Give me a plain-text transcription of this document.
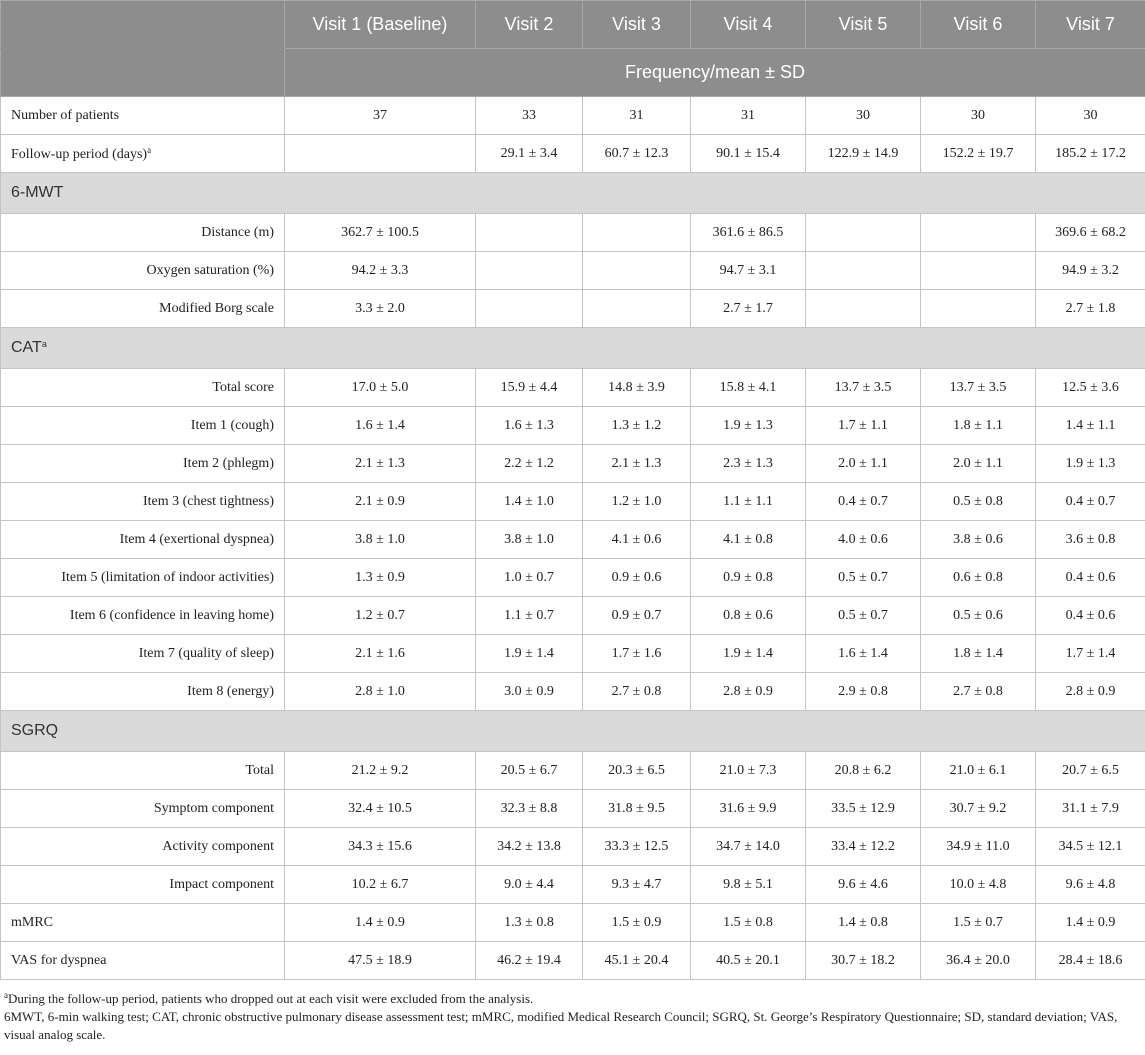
	Visit 1 (Baseline)	Visit 2	Visit 3	Visit 4	Visit 5	Visit 6	Visit 7
	Frequency/mean ± SD						
Number of patients	37	33	31	31	30	30	30
Follow-up period (days)$^a$		29.1 ± 3.4	60.7 ± 12.3	90.1 ± 15.4	122.9 ± 14.9	152.2 ± 19.7	185.2 ± 17.2
6-MWT							
Distance (m)	362.7 ± 100.5			361.6 ± 86.5			369.6 ± 68.2
Oxygen saturation (%)	94.2 ± 3.3			94.7 ± 3.1			94.9 ± 3.2
Modified Borg scale	3.3 ± 2.0			2.7 ± 1.7			2.7 ± 1.8
CAT$^a$
Total score	17.0 ± 5.0	15.9 ± 4.4	14.8 ± 3.9	15.8 ± 4.1	13.7 ± 3.5	13.7 ± 3.5	12.5 ± 3.6
Item 1 (cough)	1.6 ± 1.4	1.6 ± 1.3	1.3 ± 1.2	1.9 ± 1.3	1.7 ± 1.1	1.8 ± 1.1	1.4 ± 1.1
Item 2 (phlegm)	2.1 ± 1.3	2.2 ± 1.2	2.1 ± 1.3	2.3 ± 1.3	2.0 ± 1.1	2.0 ± 1.1	1.9 ± 1.3
Item 3 (chest tightness)	2.1 ± 0.9	1.4 ± 1.0	1.2 ± 1.0	1.1 ± 1.1	0.4 ± 0.7	0.5 ± 0.8	0.4 ± 0.7
Item 4 (exertional dyspnea)	3.8 ± 1.0	3.8 ± 1.0	4.1 ± 0.6	4.1 ± 0.8	4.0 ± 0.6	3.8 ± 0.6	3.6 ± 0.8
Item 5 (limitation of indoor activities)	1.3 ± 0.9	1.0 ± 0.7	0.9 ± 0.6	0.9 ± 0.8	0.5 ± 0.7	0.6 ± 0.8	0.4 ± 0.6
Item 6 (confidence in leaving home)	1.2 ± 0.7	1.1 ± 0.7	0.9 ± 0.7	0.8 ± 0.6	0.5 ± 0.7	0.5 ± 0.6	0.4 ± 0.6
Item 7 (quality of sleep)	2.1 ± 1.6	1.9 ± 1.4	1.7 ± 1.6	1.9 ± 1.4	1.6 ± 1.4	1.8 ± 1.4	1.7 ± 1.4
Item 8 (energy)	2.8 ± 1.0	3.0 ± 0.9	2.7 ± 0.8	2.8 ± 0.9	2.9 ± 0.8	2.7 ± 0.8	2.8 ± 0.9
SGRQ							
Total	21.2 ± 9.2	20.5 ± 6.7	20.3 ± 6.5	21.0 ± 7.3	20.8 ± 6.2	21.0 ± 6.1	20.7 ± 6.5
Symptom component	32.4 ± 10.5	32.3 ± 8.8	31.8 ± 9.5	31.6 ± 9.9	33.5 ± 12.9	30.7 ± 9.2	31.1 ± 7.9
Activity component	34.3 ± 15.6	34.2 ± 13.8	33.3 ± 12.5	34.7 ± 14.0	33.4 ± 12.2	34.9 ± 11.0	34.5 ± 12.1
Impact component	10.2 ± 6.7	9.0 ± 4.4	9.3 ± 4.7	9.8 ± 5.1	9.6 ± 4.6	10.0 ± 4.8	9.6 ± 4.8
mMRC	1.4 ± 0.9	1.3 ± 0.8	1.5 ± 0.9	1.5 ± 0.8	1.4 ± 0.8	1.5 ± 0.7	1.4 ± 0.9
VAS for dyspnea	47.5 ± 18.9	46.2 ± 19.4	45.1 ± 20.4	40.5 ± 20.1	30.7 ± 18.2	36.4 ± 20.0	28.4 ± 18.6

$^a$During the follow-up period, patients who dropped out at each visit were excluded from the analysis.

6MWT, 6-min walking test; CAT, chronic obstructive pulmonary disease assessment test; mMRC, modified Medical Research Council; SGRQ, St. George’s Respiratory Questionnaire; SD, standard deviation; VAS, visual analog scale.
